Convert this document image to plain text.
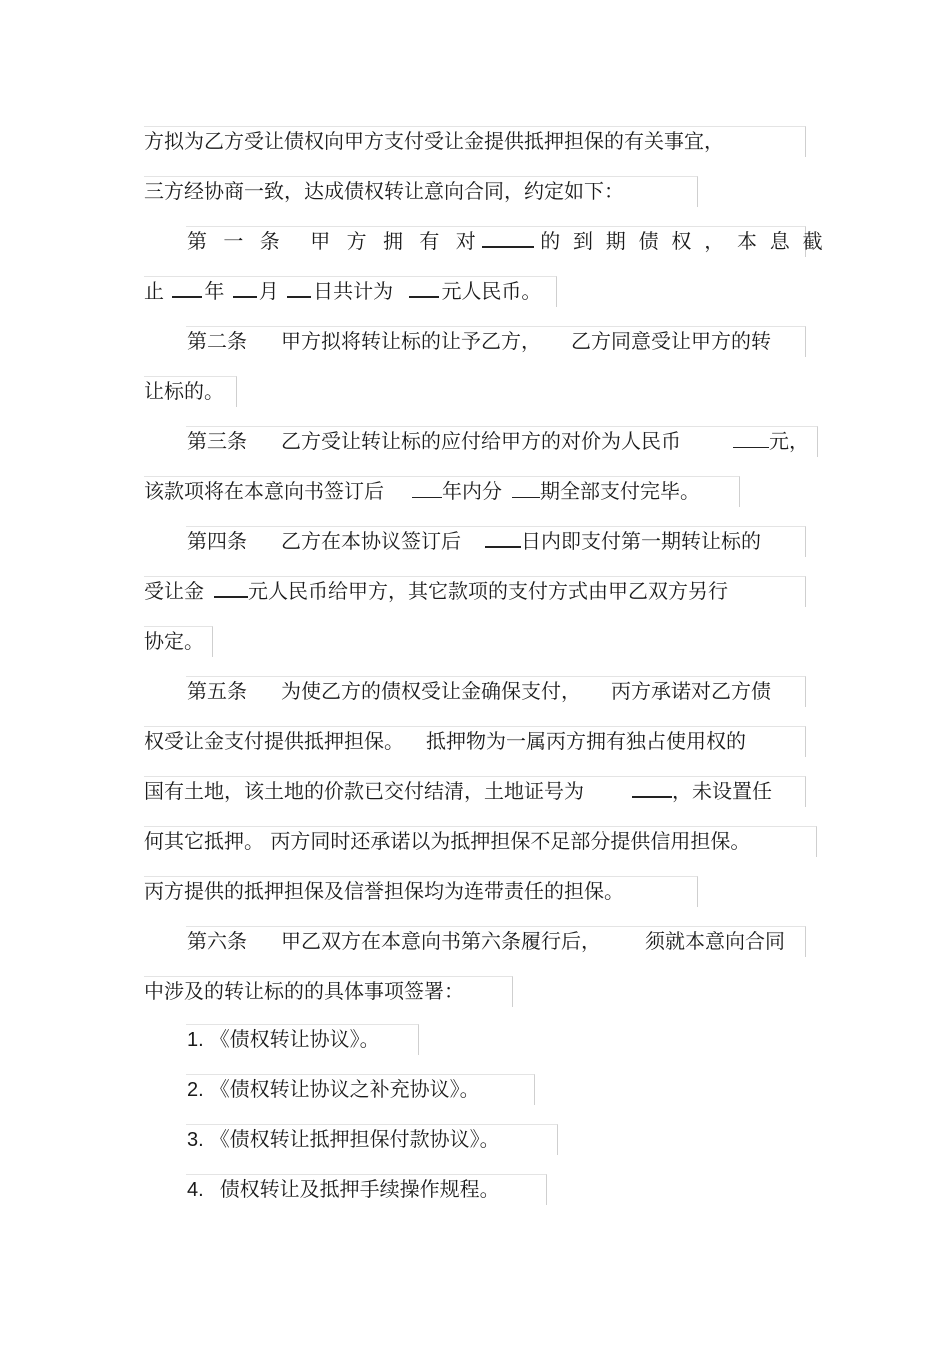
方拟为乙方受让债权向甲方支付受让金提供抵押担保的有关事宜，
三方经协商一致，达成债权转让意向合同，约定如下：
第一条 甲方拥有对 的到期债权，本息截
止 年 月 日共计为 元人民币。
第二条 甲方拟将转让标的让予乙方， 乙方同意受让甲方的转
让标的。
第三条 乙方受让转让标的应付给甲方的对价为人民币	元，
该款项将在本意向书签订后	年内分 期全部支付完毕。
第四条 乙方在本协议签订后	日内即支付第一期转让标的
受让金 元人民币给甲方，其它款项的支付方式由甲乙双方另行
协定。
第五条 为使乙方的债权受让金确保支付， 丙方承诺对乙方债
权受让金支付提供抵押担保。 抵押物为一属丙方拥有独占使用权的
国有土地，该土地的价款已交付结清，土地证号为	，未设置任
何其它抵押。 丙方同时还承诺以为抵押担保不足部分提供信用担保。
丙方提供的抵押担保及信誉担保均为连带责任的担保。
第六条 甲乙双方在本意向书第六条履行后， 须就本意向合同
中涉及的转让标的的具体事项签署：
1. 《债权转让协议》。
2. 《债权转让协议之补充协议》。
3. 《债权转让抵押担保付款协议》。
4. 债权转让及抵押手续操作规程。
